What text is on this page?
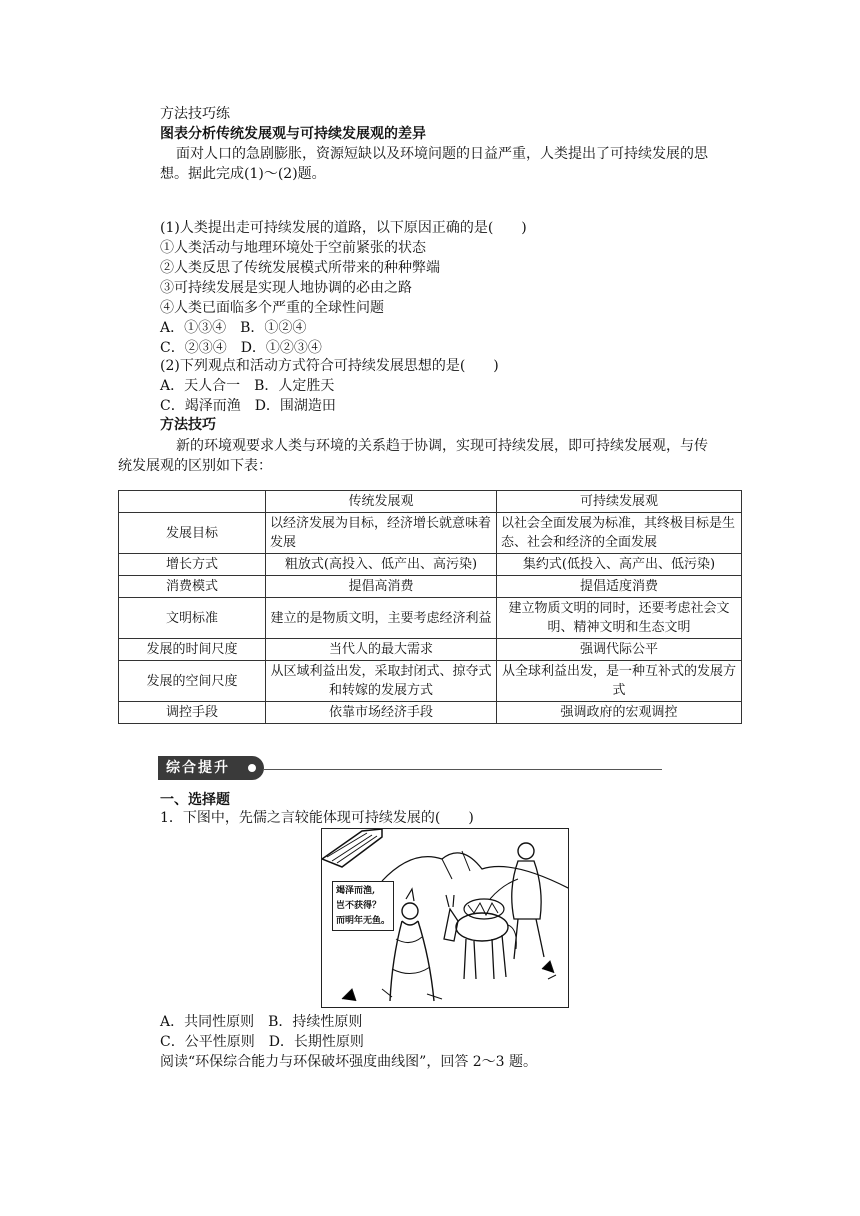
方法技巧练
图表分析传统发展观与可持续发展观的差异
面对人口的急剧膨胀，资源短缺以及环境问题的日益严重，人类提出了可持续发展的思
想。据此完成(1)～(2)题。
(1)人类提出走可持续发展的道路，以下原因正确的是(　　)
①人类活动与地理环境处于空前紧张的状态
②人类反思了传统发展模式所带来的种种弊端
③可持续发展是实现人地协调的必由之路
④人类已面临多个严重的全球性问题
A．①③④　B．①②④
C．②③④　D．①②③④
(2)下列观点和活动方式符合可持续发展思想的是(　　)
A．天人合一　B．人定胜天
C．竭泽而渔　D．围湖造田
方法技巧
新的环境观要求人类与环境的关系趋于协调，实现可持续发展，即可持续发展观，与传
统发展观的区别如下表：
	传统发展观	可持续发展观
发展目标	以经济发展为目标，经济增长就意味着发展	以社会全面发展为标准，其终极目标是生态、社会和经济的全面发展
增长方式	粗放式(高投入、低产出、高污染)	集约式(低投入、高产出、低污染)
消费模式	提倡高消费	提倡适度消费
文明标准	建立的是物质文明，主要考虑经济利益	建立物质文明的同时，还要考虑社会文明、精神文明和生态文明
发展的时间尺度	当代人的最大需求	强调代际公平
发展的空间尺度	从区域利益出发，采取封闭式、掠夺式和转嫁的发展方式	从全球利益出发，是一种互补式的发展方式
调控手段	依靠市场经济手段	强调政府的宏观调控
综合提升
一、选择题
1．下图中，先儒之言较能体现可持续发展的(　　)
竭泽而渔,
岂不获得？
而明年无鱼。
A．共同性原则　B．持续性原则
C．公平性原则　D．长期性原则
阅读“环保综合能力与环保破坏强度曲线图”，回答 2～3 题。
